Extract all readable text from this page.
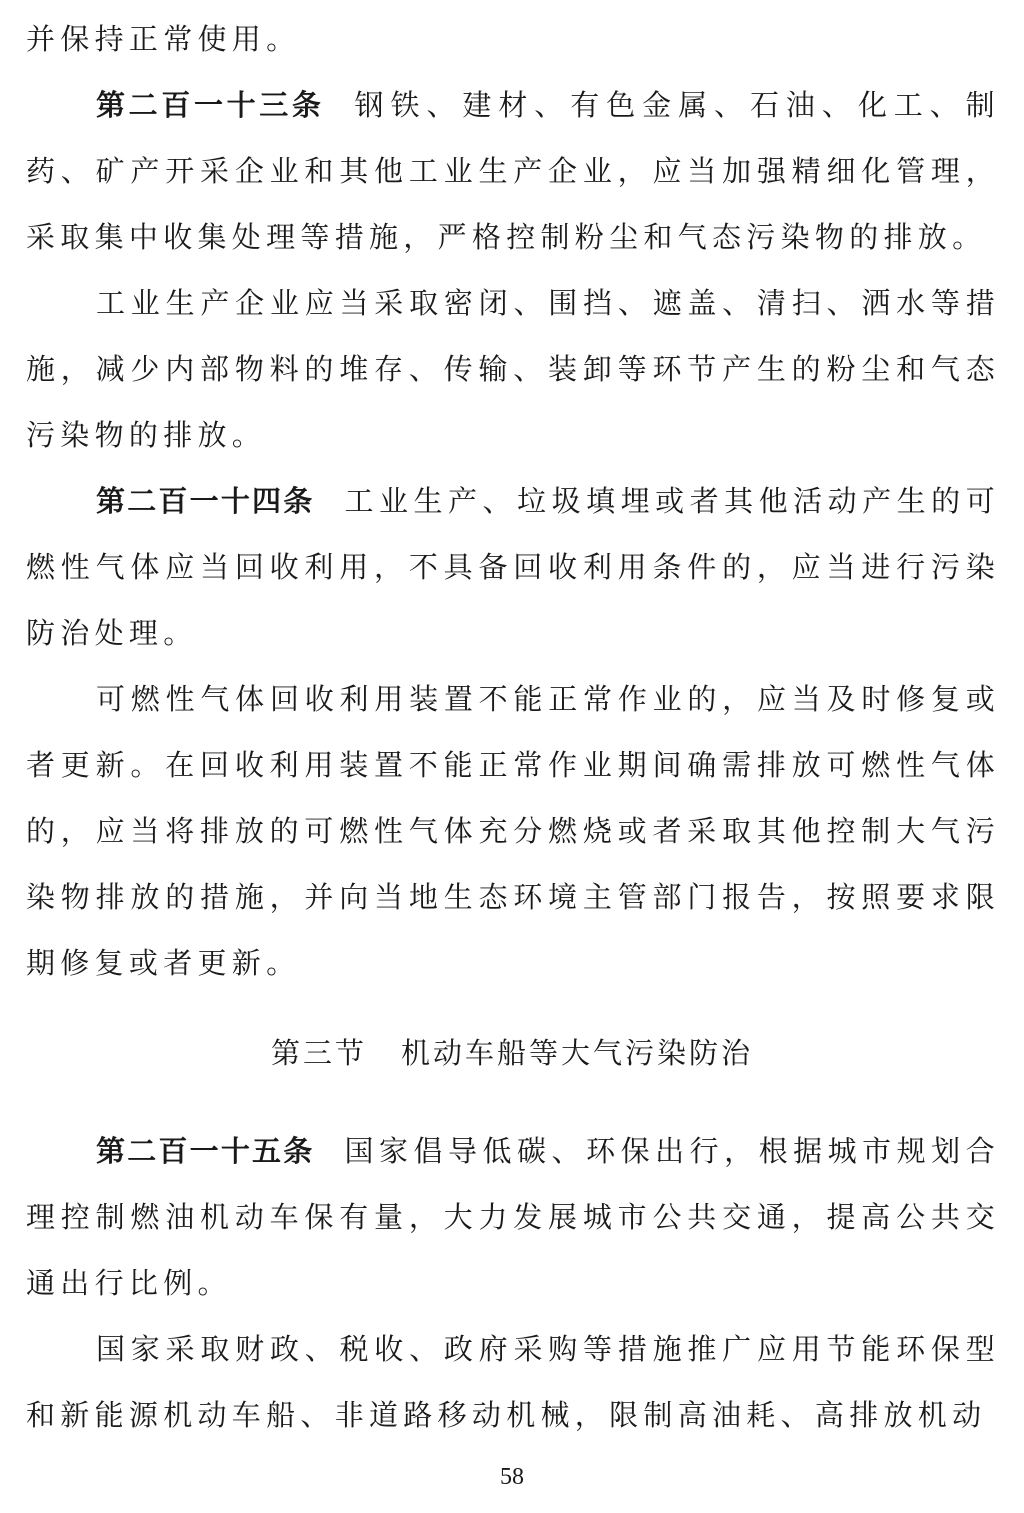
并保持正常使用。

第二百一十三条 钢铁、建材、有色金属、石油、化工、制药、矿产开采企业和其他工业生产企业，应当加强精细化管理，采取集中收集处理等措施，严格控制粉尘和气态污染物的排放。

工业生产企业应当采取密闭、围挡、遮盖、清扫、洒水等措施，减少内部物料的堆存、传输、装卸等环节产生的粉尘和气态污染物的排放。

第二百一十四条 工业生产、垃圾填埋或者其他活动产生的可燃性气体应当回收利用，不具备回收利用条件的，应当进行污染防治处理。

可燃性气体回收利用装置不能正常作业的，应当及时修复或者更新。在回收利用装置不能正常作业期间确需排放可燃性气体的，应当将排放的可燃性气体充分燃烧或者采取其他控制大气污染物排放的措施，并向当地生态环境主管部门报告，按照要求限期修复或者更新。

第三节 机动车船等大气污染防治

第二百一十五条 国家倡导低碳、环保出行，根据城市规划合理控制燃油机动车保有量，大力发展城市公共交通，提高公共交通出行比例。

国家采取财政、税收、政府采购等措施推广应用节能环保型和新能源机动车船、非道路移动机械，限制高油耗、高排放机动

58
